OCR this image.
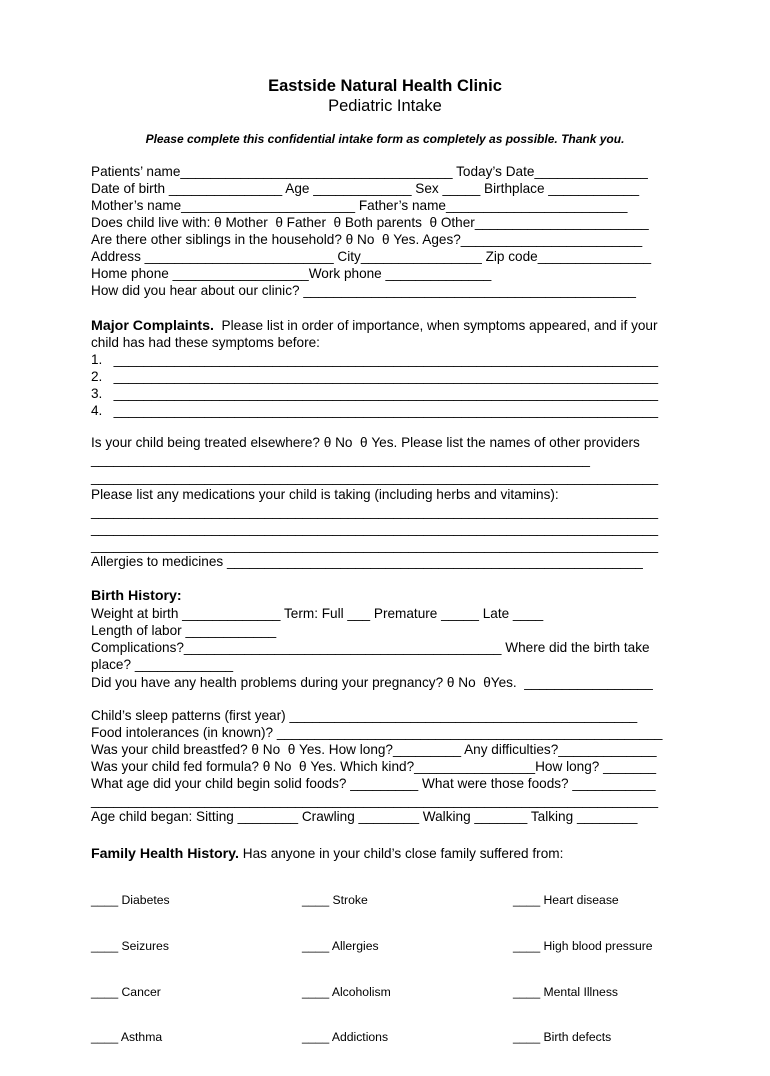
Eastside Natural Health Clinic
Pediatric Intake
Please complete this confidential intake form as completely as possible. Thank you.
Patients’ name____________________________________ Today’s Date_______________
Date of birth _______________ Age _____________ Sex _____ Birthplace ____________
Mother’s name_______________________ Father’s name________________________
Does child live with: θ Mother  θ Father  θ Both parents  θ Other_______________________
Are there other siblings in the household? θ No  θ Yes. Ages?________________________
Address _________________________ City________________ Zip code_______________
Home phone __________________Work phone ______________
How did you hear about our clinic? ____________________________________________
Major Complaints. Please list in order of importance, when symptoms appeared, and if your
child has had these symptoms before:
1.   ________________________________________________________________________
2.   ________________________________________________________________________
3.   ________________________________________________________________________
4.   ________________________________________________________________________
Is your child being treated elsewhere? θ No  θ Yes. Please list the names of other providers
__________________________________________________________________
___________________________________________________________________________
Please list any medications your child is taking (including herbs and vitamins):
___________________________________________________________________________
___________________________________________________________________________
___________________________________________________________________________
Allergies to medicines _______________________________________________________
Birth History:
Weight at birth _____________ Term: Full ___ Premature _____ Late ____
Length of labor ____________
Complications?__________________________________________ Where did the birth take
place? _____________
Did you have any health problems during your pregnancy? θ No  θYes.  _________________
Child’s sleep patterns (first year) ______________________________________________
Food intolerances (in known)? ___________________________________________________
Was your child breastfed? θ No  θ Yes. How long?_________ Any difficulties?_____________
Was your child fed formula? θ No  θ Yes. Which kind?________________How long? _______
What age did your child begin solid foods? _________ What were those foods? ___________
___________________________________________________________________________
Age child began: Sitting ________ Crawling ________ Walking _______ Talking ________
Family Health History. Has anyone in your child’s close family suffered from:

____ Diabetes

____ Seizures

____ Cancer

____ Asthma

____ Stroke

____ Allergies

____ Alcoholism

____ Addictions

____ Heart disease

____ High blood pressure

____ Mental Illness

____ Birth defects
